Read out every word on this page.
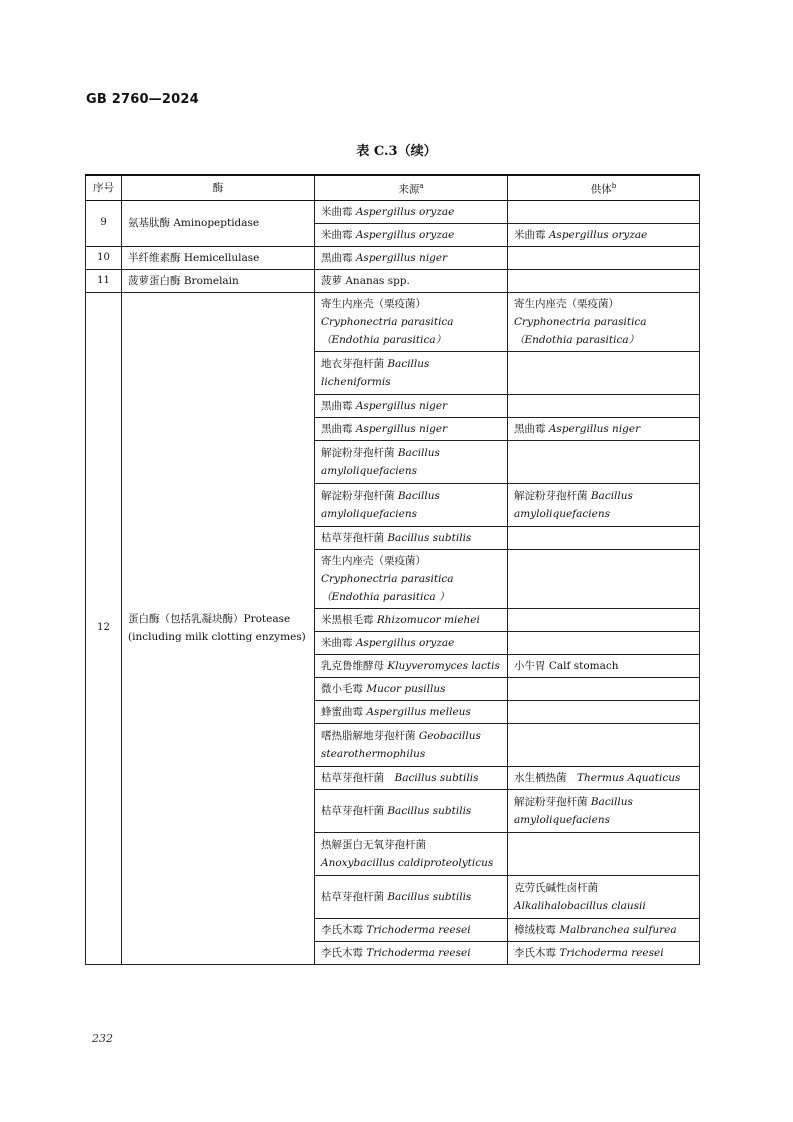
GB 2760—2024
表 C.3（续）
序号	酶	来源$^a$	供体$^b$
9	氨基肽酶 Aminopeptidase	米曲霉 Aspergillus oryzae	
		米曲霉 Aspergillus oryzae	米曲霉 Aspergillus oryzae
10	半纤维素酶 Hemicellulase	黑曲霉 Aspergillus niger	
11	菠萝蛋白酶 Bromelain	菠萝 Ananas spp.	
12	蛋白酶（包括乳凝块酶）Protease (including milk clotting enzymes)	寄生内座壳（栗疫菌）Cryphonectria parasitica（Endothia parasitica）	寄生内座壳（栗疫菌）Cryphonectria parasitica（Endothia parasitica）
		地衣芽孢杆菌 Bacillus licheniformis	
		黑曲霉 Aspergillus niger	
		黑曲霉 Aspergillus niger	黑曲霉 Aspergillus niger
		解淀粉芽孢杆菌 Bacillus amyloliquefaciens	
		解淀粉芽孢杆菌 Bacillus amyloliquefaciens	解淀粉芽孢杆菌 Bacillus amyloliquefaciens
		枯草芽孢杆菌 Bacillus subtilis	
		寄生内座壳（栗疫菌）Cryphonectria parasitica（Endothia parasitica ）	
		米黑根毛霉 Rhizomucor miehei	
		米曲霉 Aspergillus oryzae	
		乳克鲁维酵母 Kluyveromyces lactis	小牛胃 Calf stomach
		微小毛霉 Mucor pusillus	
		蜂蜜曲霉 Aspergillus melleus	
		嗜热脂解地芽孢杆菌 Geobacillus stearothermophilus	
		枯草芽孢杆菌　Bacillus subtilis	水生栖热菌　Thermus Aquaticus
		枯草芽孢杆菌 Bacillus subtilis	解淀粉芽孢杆菌 Bacillus amyloliquefaciens
		热解蛋白无氧芽孢杆菌 Anoxybacillus caldiproteolyticus	
		枯草芽孢杆菌 Bacillus subtilis	克劳氏碱性卤杆菌 Alkalihalobacillus clausii
		李氏木霉 Trichoderma reesei	樟绒枝霉 Malbranchea sulfurea
		李氏木霉 Trichoderma reesei	李氏木霉 Trichoderma reesei
232
